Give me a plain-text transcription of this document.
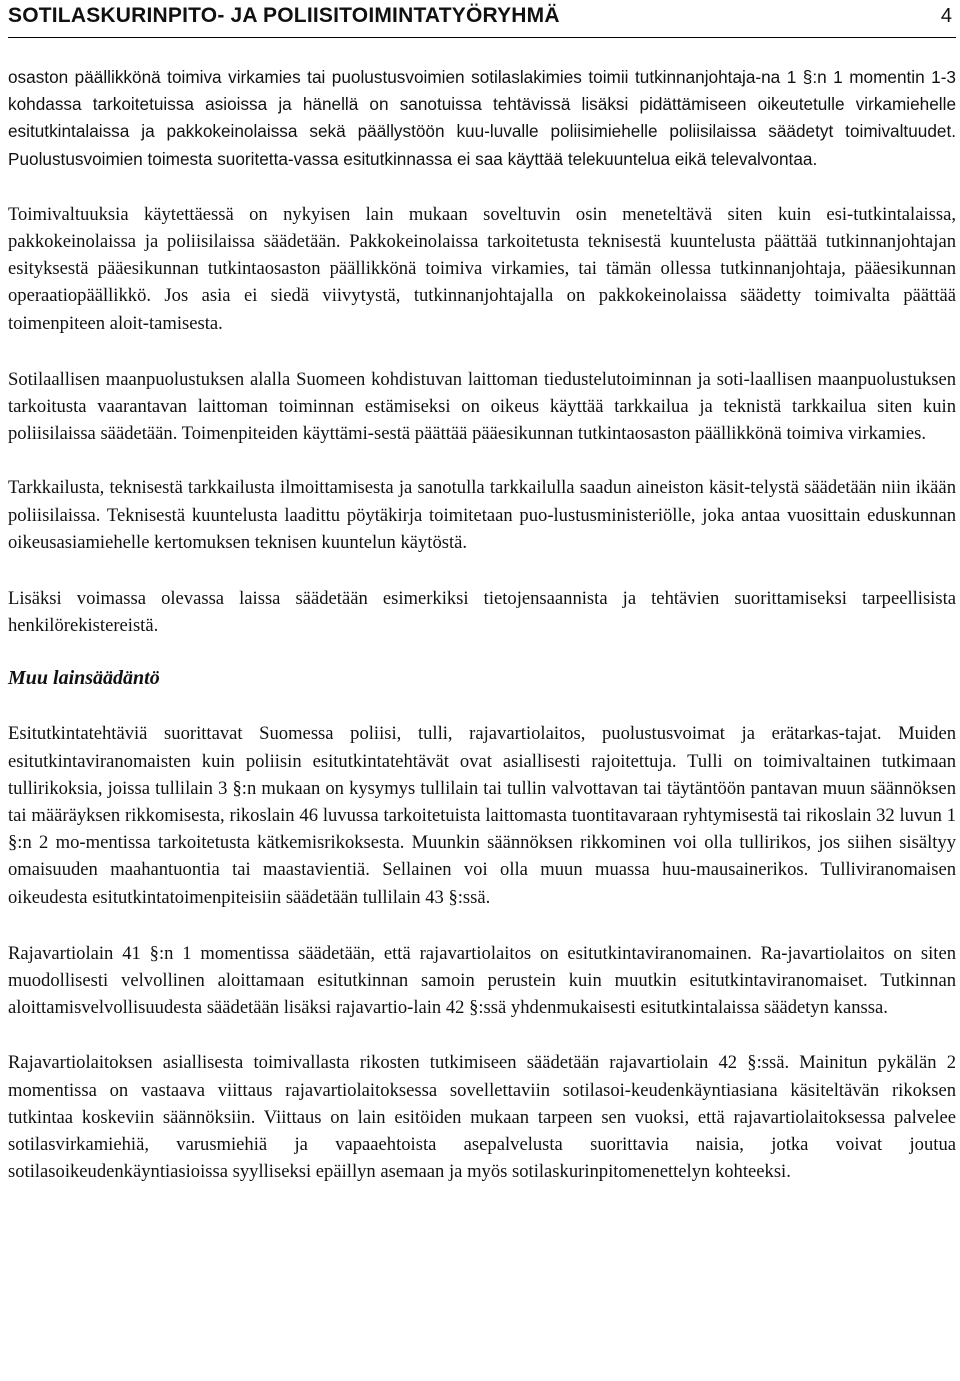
SOTILASKURINPITO- JA POLIISITOIMINTATYÖRYHMÄ	4

osaston päällikkönä toimiva virkamies tai puolustusvoimien sotilaslakimies toimii tutkinnanjohtaja-na 1 §:n 1 momentin 1-3 kohdassa tarkoitetuissa asioissa ja hänellä on sanotuissa tehtävissä lisäksi pidättämiseen oikeutetulle virkamiehelle esitutkintalaissa ja pakkokeinolaissa sekä päällystöön kuu-luvalle poliisimiehelle poliisilaissa säädetyt toimivaltuudet. Puolustusvoimien toimesta suoritetta-vassa esitutkinnassa ei saa käyttää telekuuntelua eikä televalvontaa.

Toimivaltuuksia käytettäessä on nykyisen lain mukaan soveltuvin osin meneteltävä siten kuin esi-tutkintalaissa, pakkokeinolaissa ja poliisilaissa säädetään. Pakkokeinolaissa tarkoitetusta teknisestä kuuntelusta päättää tutkinnanjohtajan esityksestä pääesikunnan tutkintaosaston päällikkönä toimiva virkamies, tai tämän ollessa tutkinnanjohtaja, pääesikunnan operaatiopäällikkö. Jos asia ei siedä viivytystä, tutkinnanjohtajalla on pakkokeinolaissa säädetty toimivalta päättää toimenpiteen aloit-tamisesta.

Sotilaallisen maanpuolustuksen alalla Suomeen kohdistuvan laittoman tiedustelutoiminnan ja soti-laallisen maanpuolustuksen tarkoitusta vaarantavan laittoman toiminnan estämiseksi on oikeus käyttää tarkkailua ja teknistä tarkkailua siten kuin poliisilaissa säädetään. Toimenpiteiden käyttämi-sestä päättää pääesikunnan tutkintaosaston päällikkönä toimiva virkamies.

Tarkkailusta, teknisestä tarkkailusta ilmoittamisesta ja sanotulla tarkkailulla saadun aineiston käsit-telystä säädetään niin ikään poliisilaissa. Teknisestä kuuntelusta laadittu pöytäkirja toimitetaan puo-lustusministeriölle, joka antaa vuosittain eduskunnan oikeusasiamiehelle kertomuksen teknisen kuuntelun käytöstä.

Lisäksi voimassa olevassa laissa säädetään esimerkiksi tietojensaannista ja tehtävien suorittamiseksi tarpeellisista henkilörekistereistä.

Muu lainsäädäntö

Esitutkintatehtäviä suorittavat Suomessa poliisi, tulli, rajavartiolaitos, puolustusvoimat ja erätarkas-tajat. Muiden esitutkintaviranomaisten kuin poliisin esitutkintatehtävät ovat asiallisesti rajoitettuja. Tulli on toimivaltainen tutkimaan tullirikoksia, joissa tullilain 3 §:n mukaan on kysymys tullilain tai tullin valvottavan tai täytäntöön pantavan muun säännöksen tai määräyksen rikkomisesta, rikoslain 46 luvussa tarkoitetuista laittomasta tuontitavaraan ryhtymisestä tai rikoslain 32 luvun 1 §:n 2 mo-mentissa tarkoitetusta kätkemisrikoksesta. Muunkin säännöksen rikkominen voi olla tullirikos, jos siihen sisältyy omaisuuden maahantuontia tai maastavientiä. Sellainen voi olla muun muassa huu-mausainerikos. Tulliviranomaisen oikeudesta esitutkintatoimenpiteisiin säädetään tullilain 43 §:ssä.

Rajavartiolain 41 §:n 1 momentissa säädetään, että rajavartiolaitos on esitutkintaviranomainen. Ra-javartiolaitos on siten muodollisesti velvollinen aloittamaan esitutkinnan samoin perustein kuin muutkin esitutkintaviranomaiset. Tutkinnan aloittamisvelvollisuudesta säädetään lisäksi rajavartio-lain 42 §:ssä yhdenmukaisesti esitutkintalaissa säädetyn kanssa.

Rajavartiolaitoksen asiallisesta toimivallasta rikosten tutkimiseen säädetään rajavartiolain 42 §:ssä. Mainitun pykälän 2 momentissa on vastaava viittaus rajavartiolaitoksessa sovellettaviin sotilasoi-keudenkäyntiasiana käsiteltävän rikoksen tutkintaa koskeviin säännöksiin. Viittaus on lain esitöiden mukaan tarpeen sen vuoksi, että rajavartiolaitoksessa palvelee sotilasvirkamiehiä, varusmiehiä ja vapaaehtoista asepalvelusta suorittavia naisia, jotka voivat joutua sotilasoikeudenkäyntiasioissa syylliseksi epäillyn asemaan ja myös sotilaskurinpitomenettelyn kohteeksi.
